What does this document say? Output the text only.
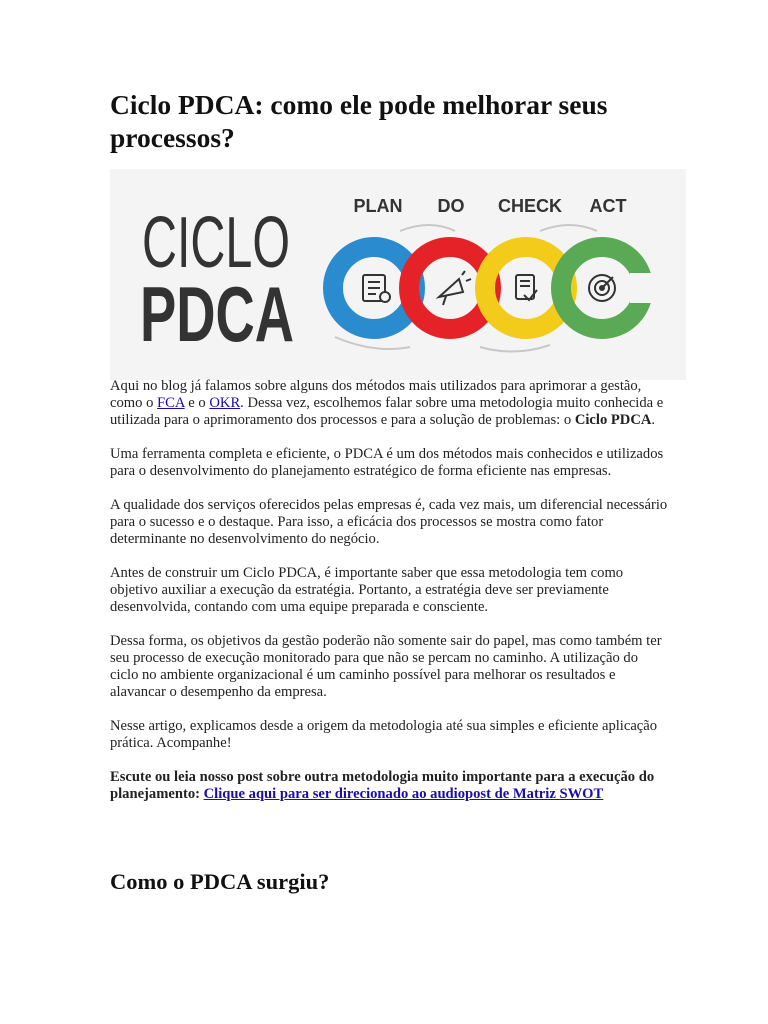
Ciclo PDCA: como ele pode melhorar seus processos?
CICLO
PDCA
PLAN DO CHECK ACT

Aqui no blog já falamos sobre alguns dos métodos mais utilizados para aprimorar a gestão, como o FCA e o OKR. Dessa vez, escolhemos falar sobre uma metodologia muito conhecida e utilizada para o aprimoramento dos processos e para a solução de problemas: o Ciclo PDCA.

Uma ferramenta completa e eficiente, o PDCA é um dos métodos mais conhecidos e utilizados para o desenvolvimento do planejamento estratégico de forma eficiente nas empresas.

A qualidade dos serviços oferecidos pelas empresas é, cada vez mais, um diferencial necessário para o sucesso e o destaque. Para isso, a eficácia dos processos se mostra como fator determinante no desenvolvimento do negócio.

Antes de construir um Ciclo PDCA, é importante saber que essa metodologia tem como objetivo auxiliar a execução da estratégia. Portanto, a estratégia deve ser previamente desenvolvida, contando com uma equipe preparada e consciente.

Dessa forma, os objetivos da gestão poderão não somente sair do papel, mas como também ter seu processo de execução monitorado para que não se percam no caminho. A utilização do ciclo no ambiente organizacional é um caminho possível para melhorar os resultados e alavancar o desempenho da empresa.

Nesse artigo, explicamos desde a origem da metodologia até sua simples e eficiente aplicação prática. Acompanhe!

Escute ou leia nosso post sobre outra metodologia muito importante para a execução do planejamento: Clique aqui para ser direcionado ao audiopost de Matriz SWOT

Como o PDCA surgiu?
